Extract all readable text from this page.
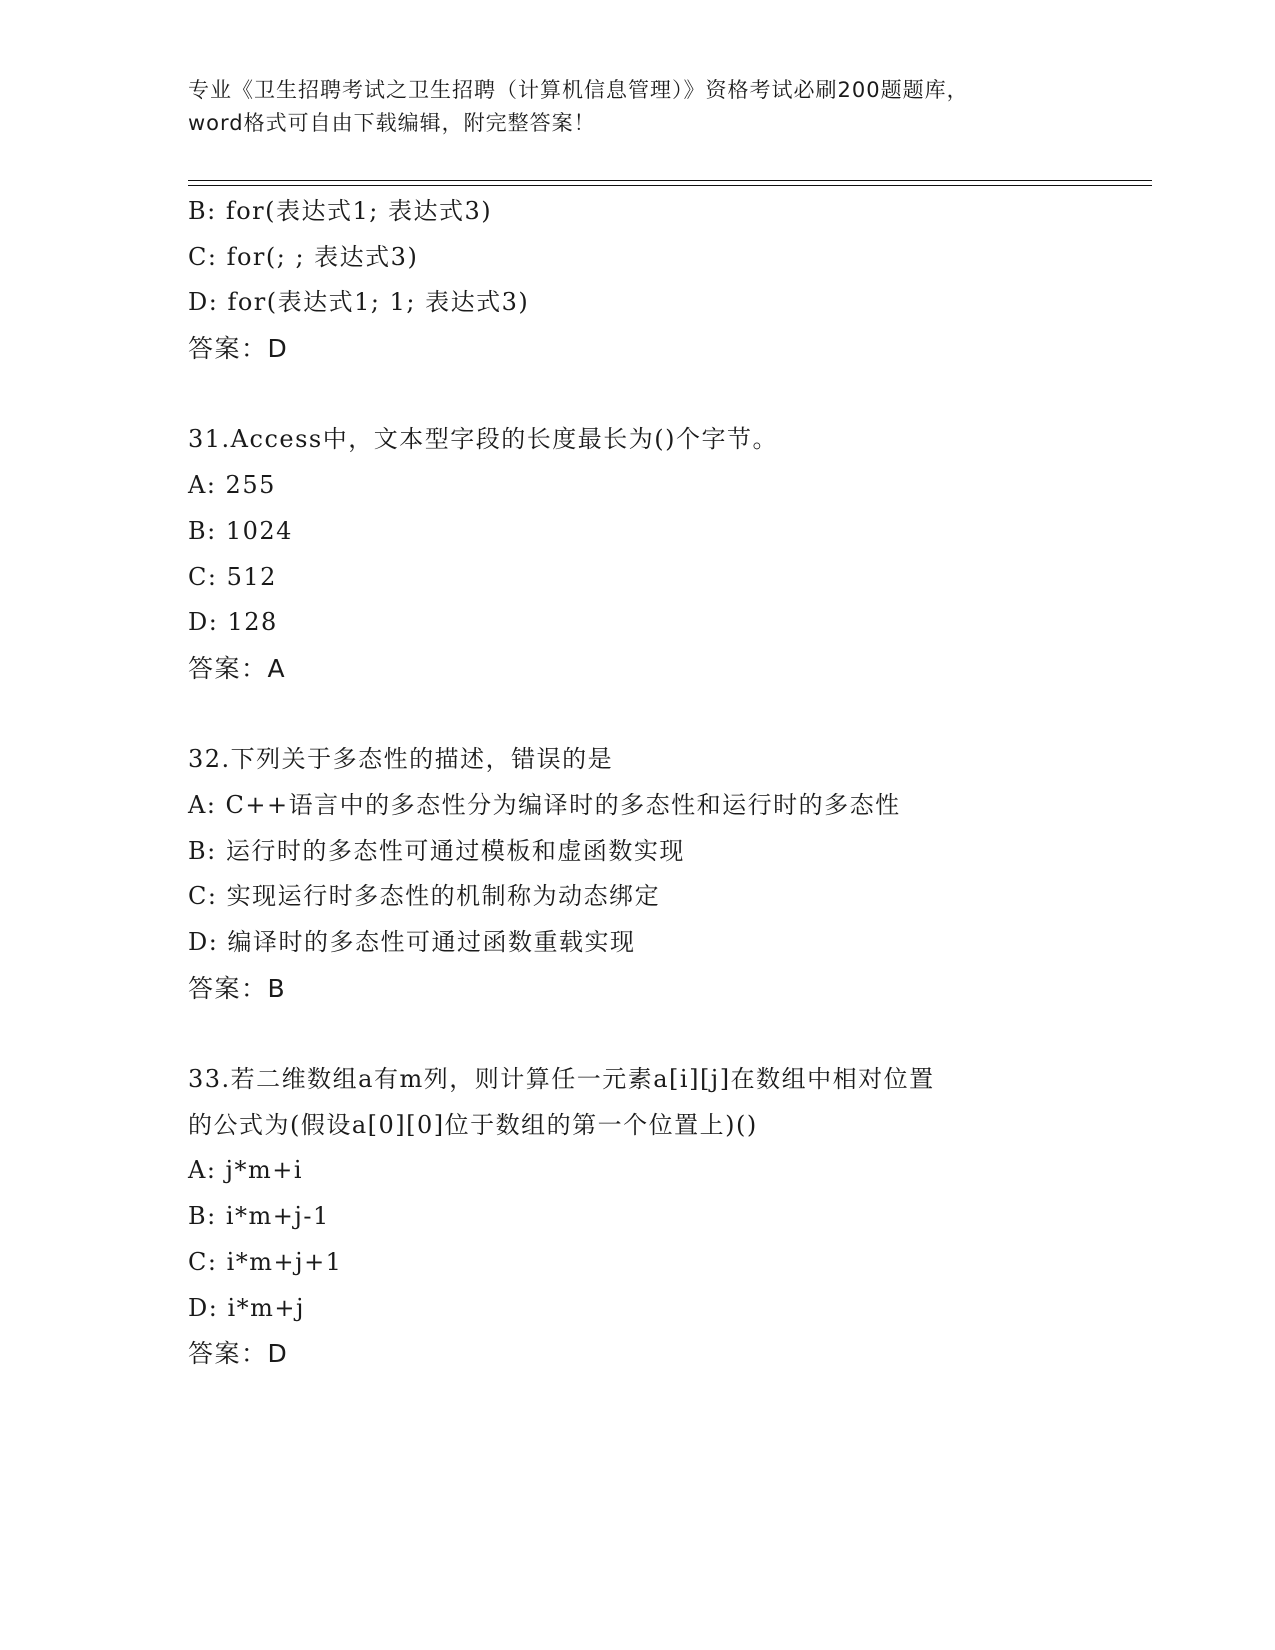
专业《卫生招聘考试之卫生招聘（计算机信息管理）》资格考试必刷200题题库，
word格式可自由下载编辑，附完整答案！
B: for(表达式1; 表达式3)
C: for(; ; 表达式3)
D: for(表达式1; 1; 表达式3)
答案：D
31.Access中，文本型字段的长度最长为()个字节。
A: 255
B: 1024
C: 512
D: 128
答案：A
32.下列关于多态性的描述，错误的是
A: C++语言中的多态性分为编译时的多态性和运行时的多态性
B: 运行时的多态性可通过模板和虚函数实现
C: 实现运行时多态性的机制称为动态绑定
D: 编译时的多态性可通过函数重载实现
答案：B
33.若二维数组a有m列，则计算任一元素a[i][j]在数组中相对位置
的公式为(假设a[0][0]位于数组的第一个位置上)()
A: j*m+i
B: i*m+j-1
C: i*m+j+1
D: i*m+j
答案：D
